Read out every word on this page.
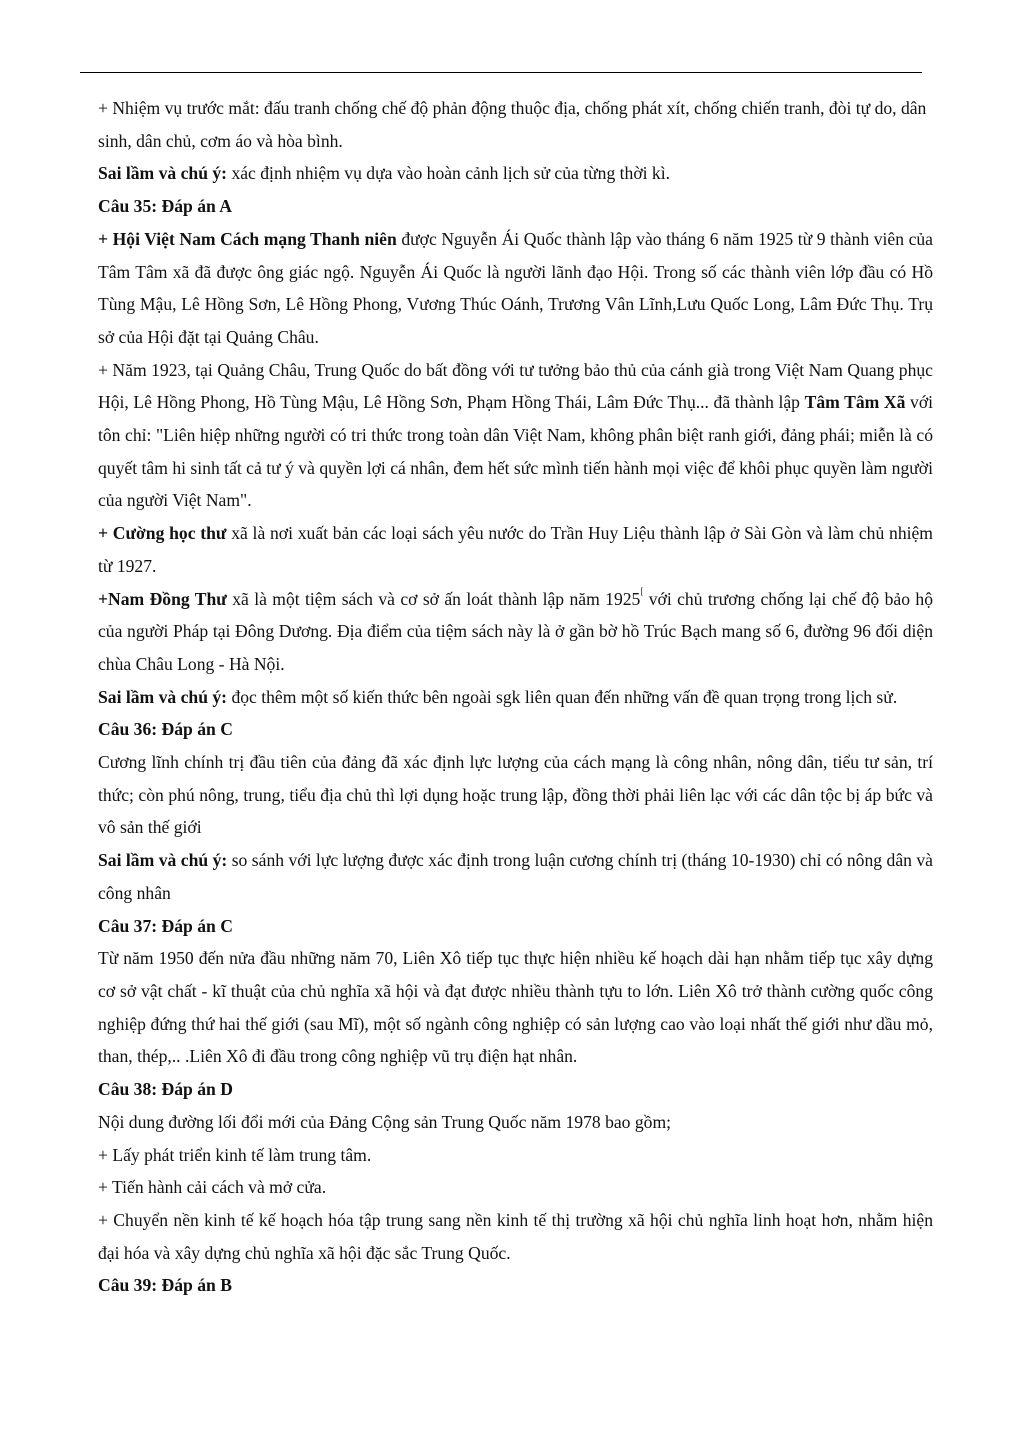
+ Nhiệm vụ trước mắt: đấu tranh chống chế độ phản động thuộc địa, chống phát xít, chống chiến tranh, đòi tự do, dân sinh, dân chủ, cơm áo và hòa bình.

Sai lầm và chú ý: xác định nhiệm vụ dựa vào hoàn cảnh lịch sử của từng thời kì.

Câu 35: Đáp án A

+ Hội Việt Nam Cách mạng Thanh niên được Nguyễn Ái Quốc thành lập vào tháng 6 năm 1925 từ 9 thành viên của Tâm Tâm xã đã được ông giác ngộ. Nguyễn Ái Quốc là người lãnh đạo Hội. Trong số các thành viên lớp đầu có Hồ Tùng Mậu, Lê Hồng Sơn, Lê Hồng Phong, Vương Thúc Oánh, Trương Vân Lĩnh,Lưu Quốc Long, Lâm Đức Thụ. Trụ sở của Hội đặt tại Quảng Châu.

+ Năm 1923, tại Quảng Châu, Trung Quốc do bất đồng với tư tưởng bảo thủ của cánh già trong Việt Nam Quang phục Hội, Lê Hồng Phong, Hồ Tùng Mậu, Lê Hồng Sơn, Phạm Hồng Thái, Lâm Đức Thụ... đã thành lập Tâm Tâm Xã với tôn chỉ: "Liên hiệp những người có tri thức trong toàn dân Việt Nam, không phân biệt ranh giới, đảng phái; miễn là có quyết tâm hi sinh tất cả tư ý và quyền lợi cá nhân, đem hết sức mình tiến hành mọi việc để khôi phục quyền làm người của người Việt Nam".

+ Cường học thư xã là nơi xuất bản các loại sách yêu nước do Trần Huy Liệu thành lập ở Sài Gòn và làm chủ nhiệm từ 1927.

+Nam Đồng Thư xã là một tiệm sách và cơ sở ấn loát thành lập năm 1925[ với chủ trương chống lại chế độ bảo hộ của người Pháp tại Đông Dương. Địa điểm của tiệm sách này là ở gần bờ hồ Trúc Bạch mang số 6, đường 96 đối diện chùa Châu Long - Hà Nội.

Sai lầm và chú ý: đọc thêm một số kiến thức bên ngoài sgk liên quan đến những vấn đề quan trọng trong lịch sử.

Câu 36: Đáp án C

Cương lĩnh chính trị đầu tiên của đảng đã xác định lực lượng của cách mạng là công nhân, nông dân, tiểu tư sản, trí thức; còn phú nông, trung, tiểu địa chủ thì lợi dụng hoặc trung lập, đồng thời phải liên lạc với các dân tộc bị áp bức và vô sản thế giới

Sai lầm và chú ý: so sánh với lực lượng được xác định trong luận cương chính trị (tháng 10-1930) chỉ có nông dân và công nhân

Câu 37: Đáp án C

Từ năm 1950 đến nửa đầu những năm 70, Liên Xô tiếp tục thực hiện nhiều kế hoạch dài hạn nhằm tiếp tục xây dựng cơ sở vật chất - kĩ thuật của chủ nghĩa xã hội và đạt được nhiều thành tựu to lớn. Liên Xô trở thành cường quốc công nghiệp đứng thứ hai thế giới (sau Mĩ), một số ngành công nghiệp có sản lượng cao vào loại nhất thế giới như dầu mỏ, than, thép,.. .Liên Xô đi đầu trong công nghiệp vũ trụ điện hạt nhân.

Câu 38: Đáp án D

Nội dung đường lối đổi mới của Đảng Cộng sản Trung Quốc năm 1978 bao gồm;

+ Lấy phát triển kinh tế làm trung tâm.

+ Tiến hành cải cách và mở cửa.

+ Chuyển nền kinh tế kế hoạch hóa tập trung sang nền kinh tế thị trường xã hội chủ nghĩa linh hoạt hơn, nhằm hiện đại hóa và xây dựng chủ nghĩa xã hội đặc sắc Trung Quốc.

Câu 39: Đáp án B
